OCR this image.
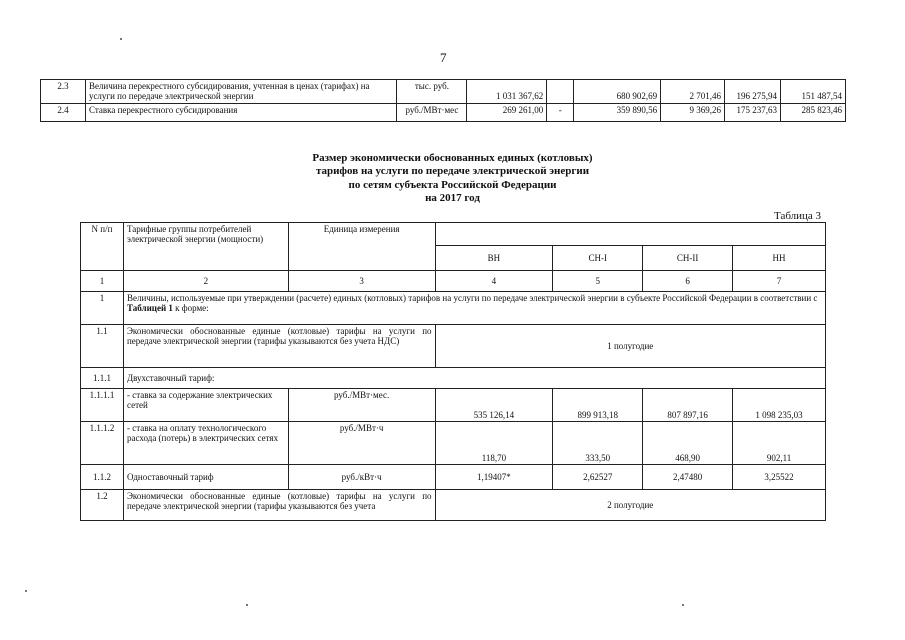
7
2.3	Величина перекрестного субсидирования, учтенная в ценах (тарифах) на услуги по передаче электрической энергии	тыс. руб.	1 031 367,62		680 902,69	2 701,46	196 275,94	151 487,54
2.4	Ставка перекрестного субсидирования	руб./МВт·мес	269 261,00	-	359 890,56	9 369,26	175 237,63	285 823,46
Размер экономически обоснованных единых (котловых)
тарифов на услуги по передаче электрической энергии
по сетям субъекта Российской Федерации
на 2017 год
Таблица 3
N п/п	Тарифные группы потребителей электрической энергии (мощности)	Единица измерения				
			ВН	СН-I	СН-II	НН
1	2	3	4	5	6	7
1	Величины, используемые при утверждении (расчете) единых (котловых) тарифов на услуги по передаче электрической энергии в субъекте Российской Федерации в соответствии с Таблицей 1 к форме:					
1.1	Экономически обоснованные единые (котловые) тарифы на услуги по передаче электрической энергии (тарифы указываются без учета НДС)		1 полугодие			
1.1.1	Двухставочный тариф:					
1.1.1.1	- ставка за содержание электрических сетей	руб./МВт·мес.	535 126,14	899 913,18	807 897,16	1 098 235,03
1.1.1.2	- ставка на оплату технологического расхода (потерь) в электрических сетях	руб./МВт·ч	118,70	333,50	468,90	902,11
1.1.2	Одноставочный тариф	руб./кВт·ч	1,19407*	2,62527	2,47480	3,25522
1.2	Экономически обоснованные единые (котловые) тарифы на услуги по передаче электрической энергии (тарифы указываются без учета		2 полугодие			
